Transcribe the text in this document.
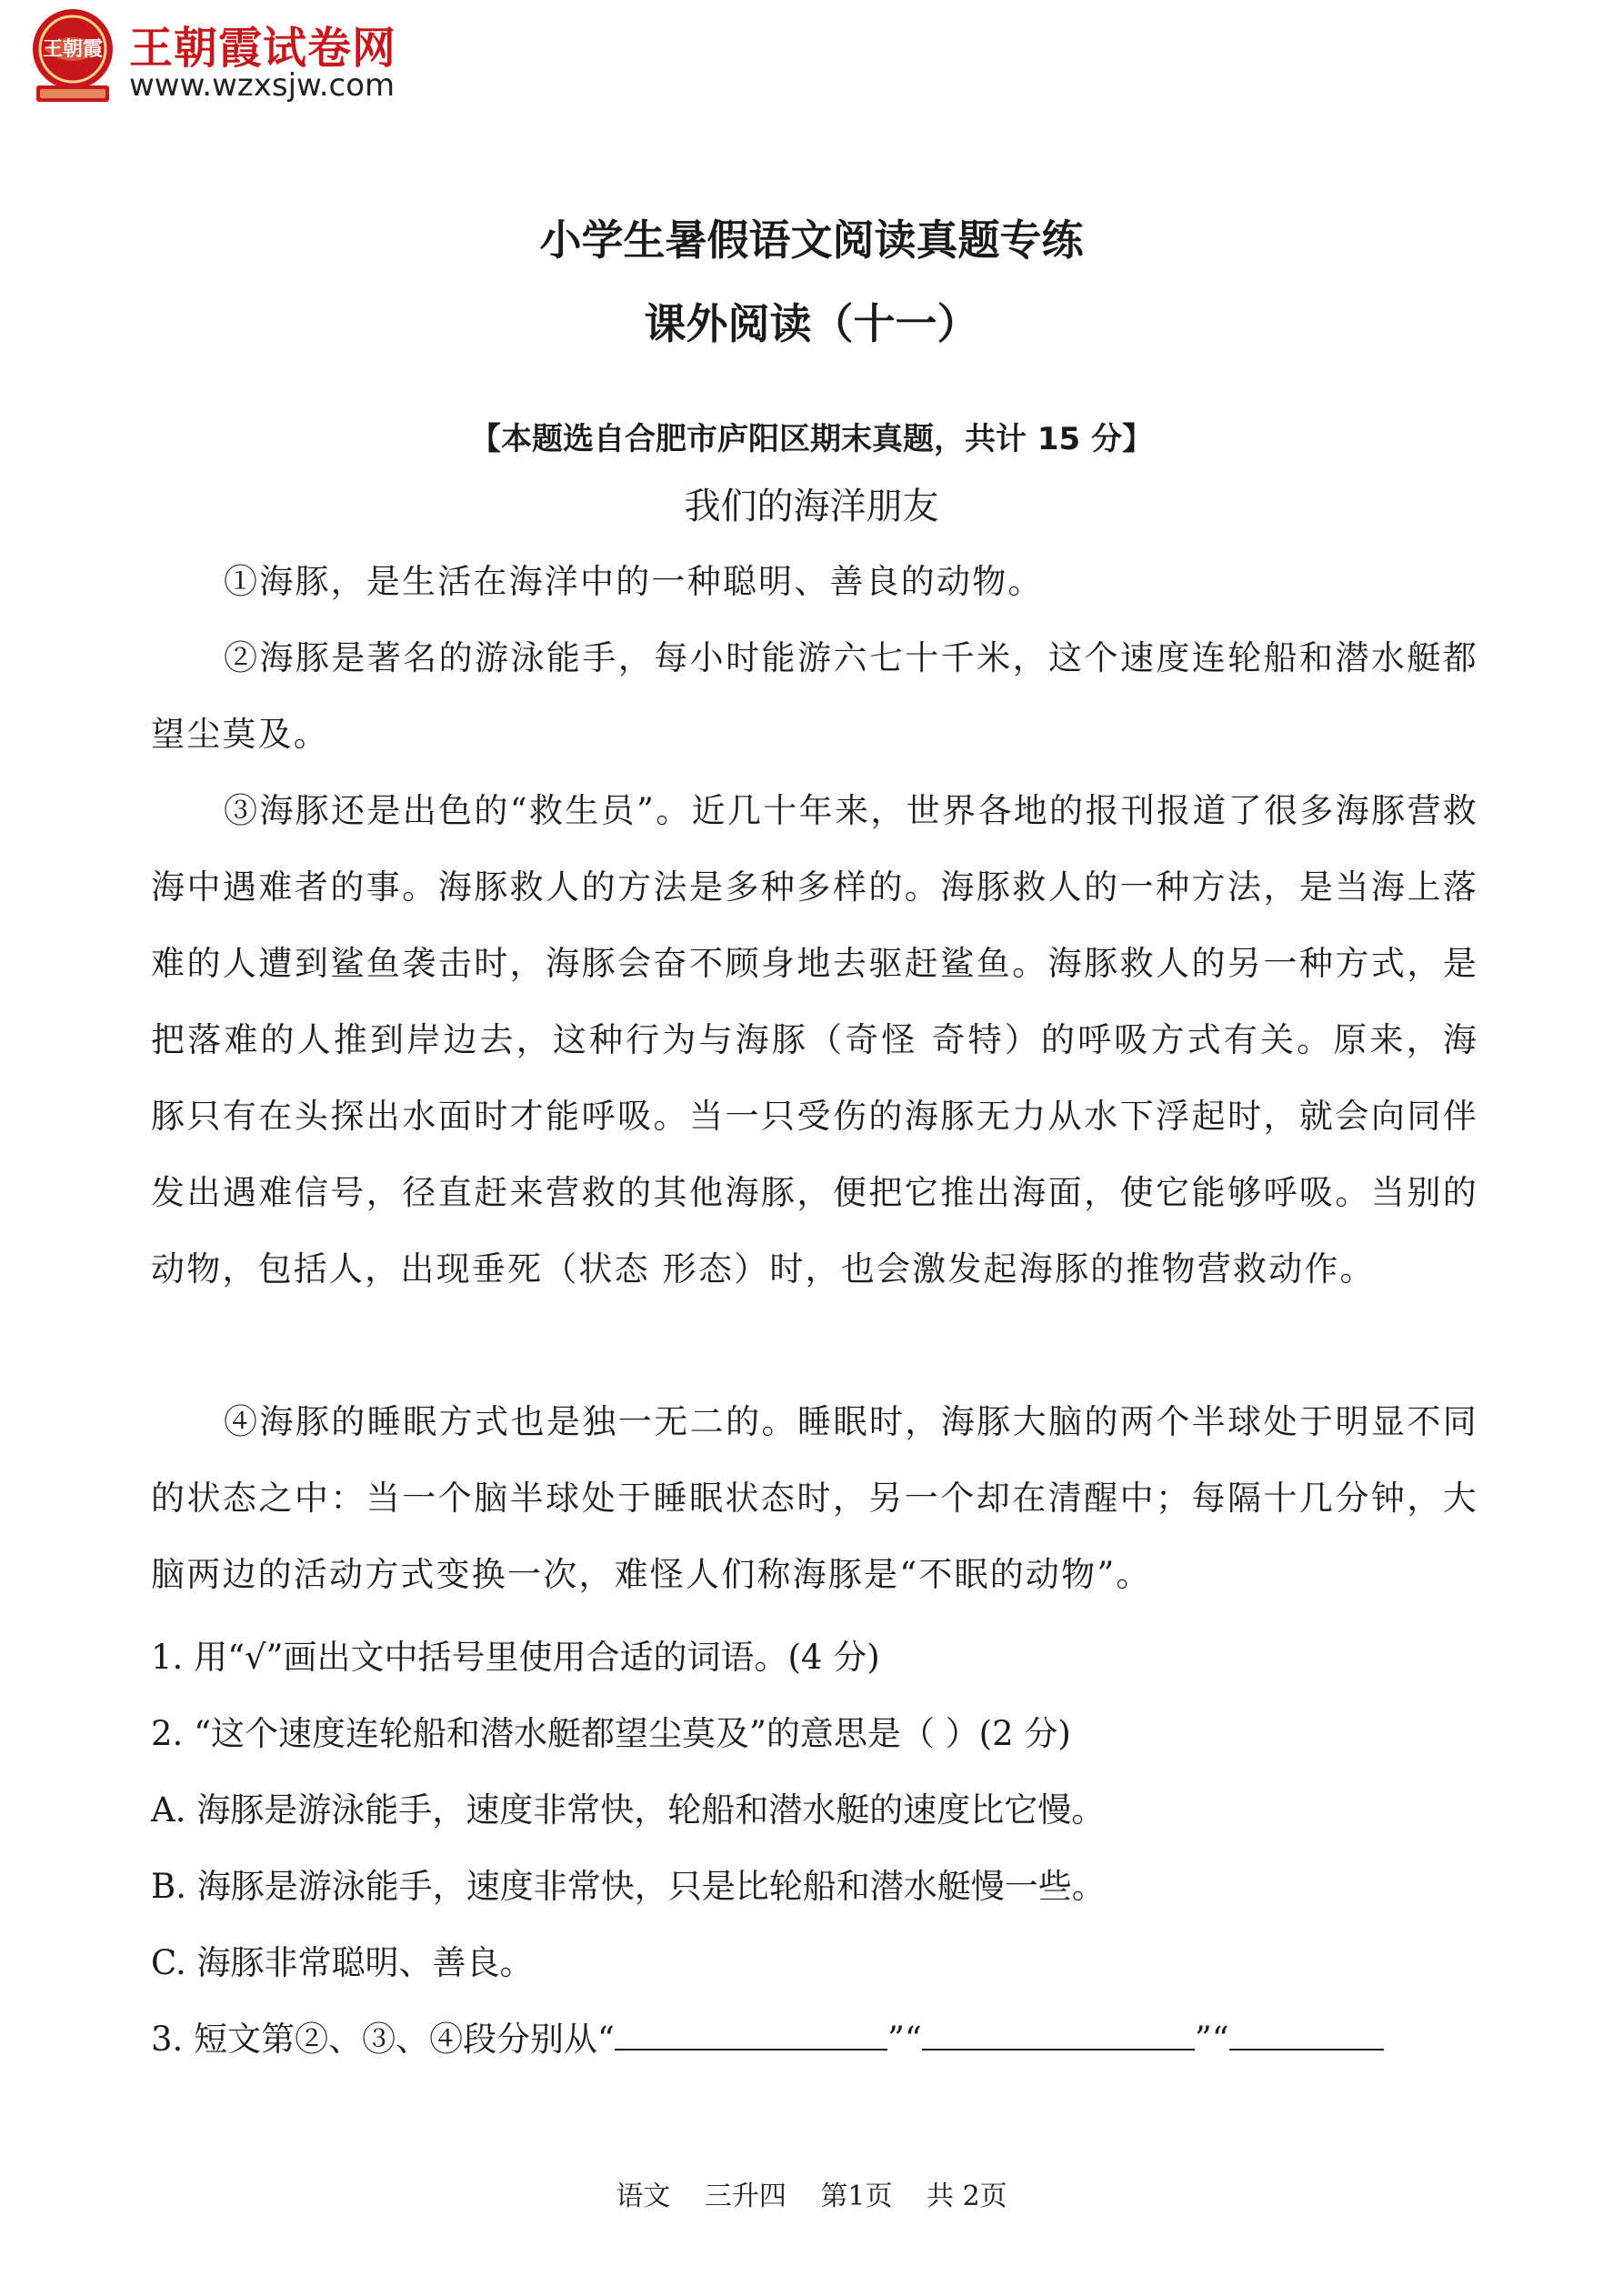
王朝霞 王朝霞试卷网
www.wzxsjw.com
小学生暑假语文阅读真题专练
课外阅读（十一）
【本题选自合肥市庐阳区期末真题，共计 15 分】
我们的海洋朋友
①海豚，是生活在海洋中的一种聪明、善良的动物。
②海豚是著名的游泳能手，每小时能游六七十千米，这个速度连轮船和潜水艇都望尘莫及。
③海豚还是出色的“救生员”。近几十年来，世界各地的报刊报道了很多海豚营救海中遇难者的事。海豚救人的方法是多种多样的。海豚救人的一种方法，是当海上落难的人遭到鲨鱼袭击时，海豚会奋不顾身地去驱赶鲨鱼。海豚救人的另一种方式，是把落难的人推到岸边去，这种行为与海豚（奇怪 奇特）的呼吸方式有关。原来，海豚只有在头探出水面时才能呼吸。当一只受伤的海豚无力从水下浮起时，就会向同伴发出遇难信号，径直赶来营救的其他海豚，便把它推出海面，使它能够呼吸。当别的动物，包括人，出现垂死（状态 形态）时，也会激发起海豚的推物营救动作。
④海豚的睡眠方式也是独一无二的。睡眠时，海豚大脑的两个半球处于明显不同的状态之中：当一个脑半球处于睡眠状态时，另一个却在清醒中；每隔十几分钟，大脑两边的活动方式变换一次，难怪人们称海豚是“不眠的动物”。
1. 用“√”画出文中括号里使用合适的词语。(4 分)
2. “这个速度连轮船和潜水艇都望尘莫及”的意思是（ ）(2 分)
A. 海豚是游泳能手，速度非常快，轮船和潜水艇的速度比它慢。
B. 海豚是游泳能手，速度非常快，只是比轮船和潜水艇慢一些。
C. 海豚非常聪明、善良。
3. 短文第②、③、④段分别从“	”“	”“
语文 三升四 第1页 共 2页
